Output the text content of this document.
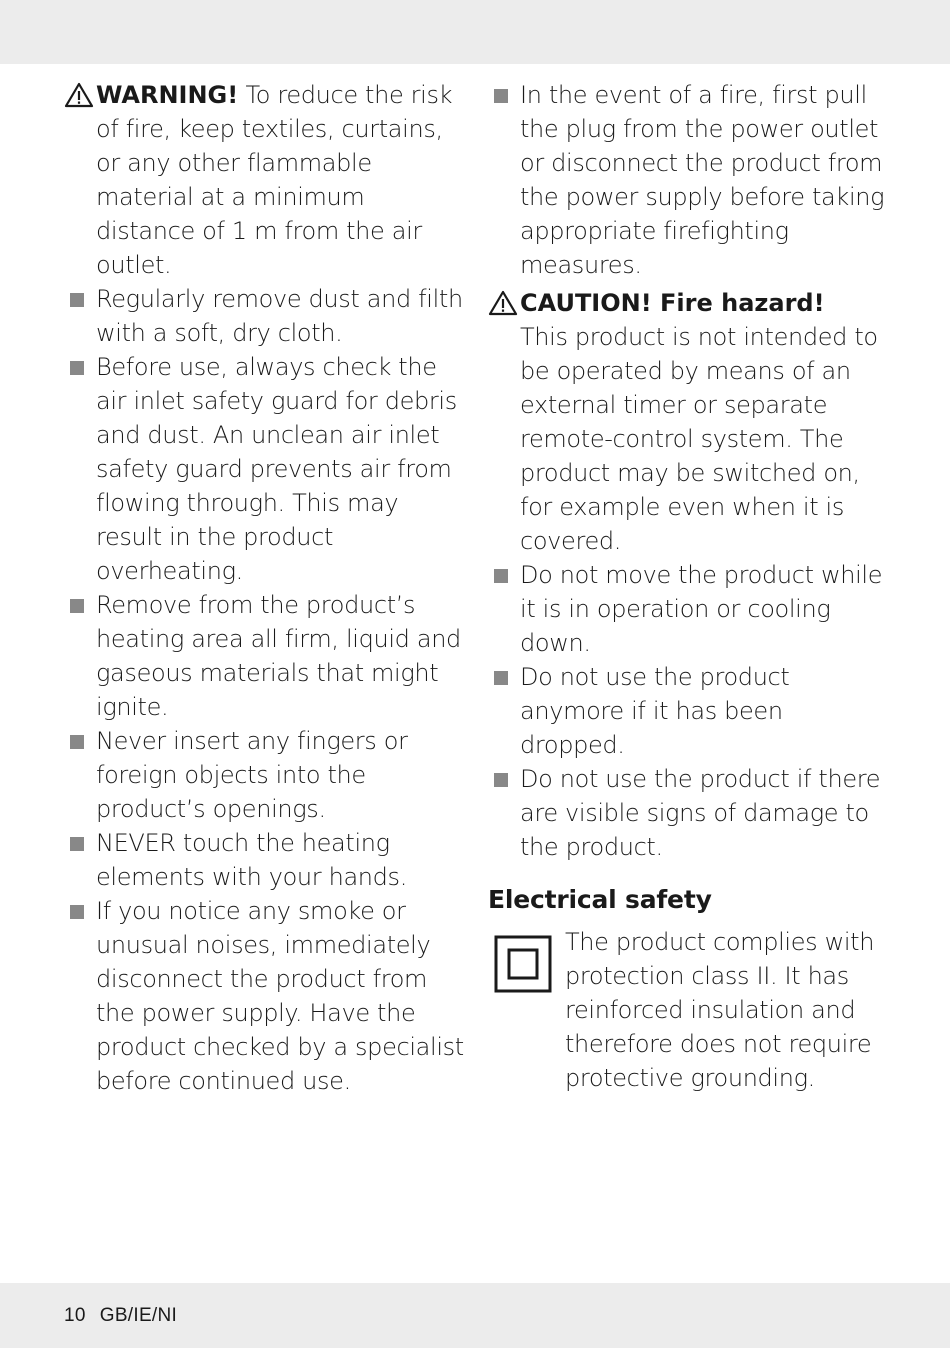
WARNING! To reduce the risk of fire, keep textiles, curtains, or any other flammable material at a minimum distance of 1 m from the air outlet.
Regularly remove dust and filth with a soft, dry cloth.
Before use, always check the air inlet safety guard for debris and dust. An unclean air inlet safety guard prevents air from flowing through. This may result in the product overheating.
Remove from the product’s heating area all firm, liquid and gaseous materials that might ignite.
Never insert any fingers or foreign objects into the product’s openings.
NEVER touch the heating elements with your hands.
If you notice any smoke or unusual noises, immediately disconnect the product from the power supply. Have the product checked by a specialist before continued use.
In the event of a fire, first pull the plug from the power outlet or disconnect the product from the power supply before taking appropriate firefighting measures.
CAUTION! Fire hazard!
This product is not intended to be operated by means of an external timer or separate remote-control system. The product may be switched on, for example even when it is covered.
Do not move the product while it is in operation or cooling down.
Do not use the product anymore if it has been dropped.
Do not use the product if there are visible signs of damage to the product.
Electrical safety
The product complies with protection class II. It has reinforced insulation and therefore does not require protective grounding.
10 GB/IE/NI
